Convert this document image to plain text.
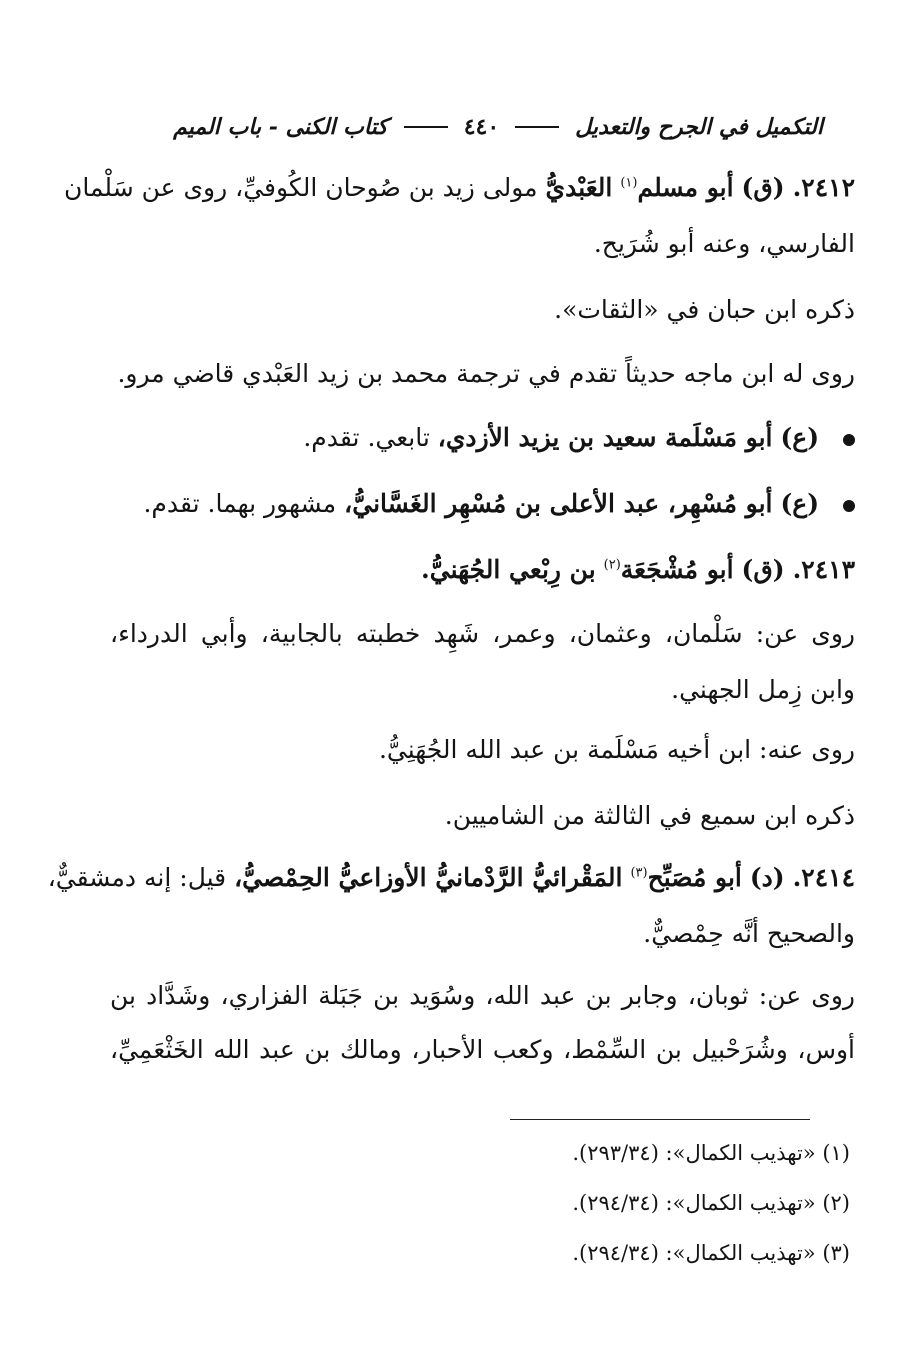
التكميل في الجرح والتعديل
٤٤٠
كتاب الكنى - باب الميم
٢٤١٢. (ق) أبو مسلم$^{(١)}$ العَبْديُّ مولى زيد بن صُوحان الكُوفيِّ، روى عن سَلْمان
الفارسي، وعنه أبو شُرَيح.
ذكره ابن حبان في «الثقات».
روى له ابن ماجه حديثاً تقدم في ترجمة محمد بن زيد العَبْدي قاضي مرو.
(ع) أبو مَسْلَمة سعيد بن يزيد الأزدي، تابعي. تقدم.
(ع) أبو مُسْهِر، عبد الأعلى بن مُسْهِر الغَسَّانيُّ، مشهور بهما. تقدم.
٢٤١٣. (ق) أبو مُشْجَعَة$^{(٢)}$ بن رِبْعي الجُهَنيُّ.
روى عن: سَلْمان، وعثمان، وعمر، شَهِد خطبته بالجابية، وأبي الدرداء،
وابن زِمل الجهني.
روى عنه: ابن أخيه مَسْلَمة بن عبد الله الجُهَنِيُّ.
ذكره ابن سميع في الثالثة من الشاميين.
٢٤١٤. (د) أبو مُصَبِّح$^{(٣)}$ المَقْرائيُّ الرَّدْمانيُّ الأوزاعيُّ الحِمْصيُّ، قيل: إنه دمشقيٌّ،
والصحيح أنَّه حِمْصيٌّ.
روى عن: ثوبان، وجابر بن عبد الله، وسُوَيد بن جَبَلة الفزاري، وشَدَّاد بن
أوس، وشُرَحْبيل بن السِّمْط، وكعب الأحبار، ومالك بن عبد الله الخَثْعَمِيِّ،
(١) «تهذيب الكمال»: (٢٩٣/٣٤).
(٢) «تهذيب الكمال»: (٢٩٤/٣٤).
(٣) «تهذيب الكمال»: (٢٩٤/٣٤).
